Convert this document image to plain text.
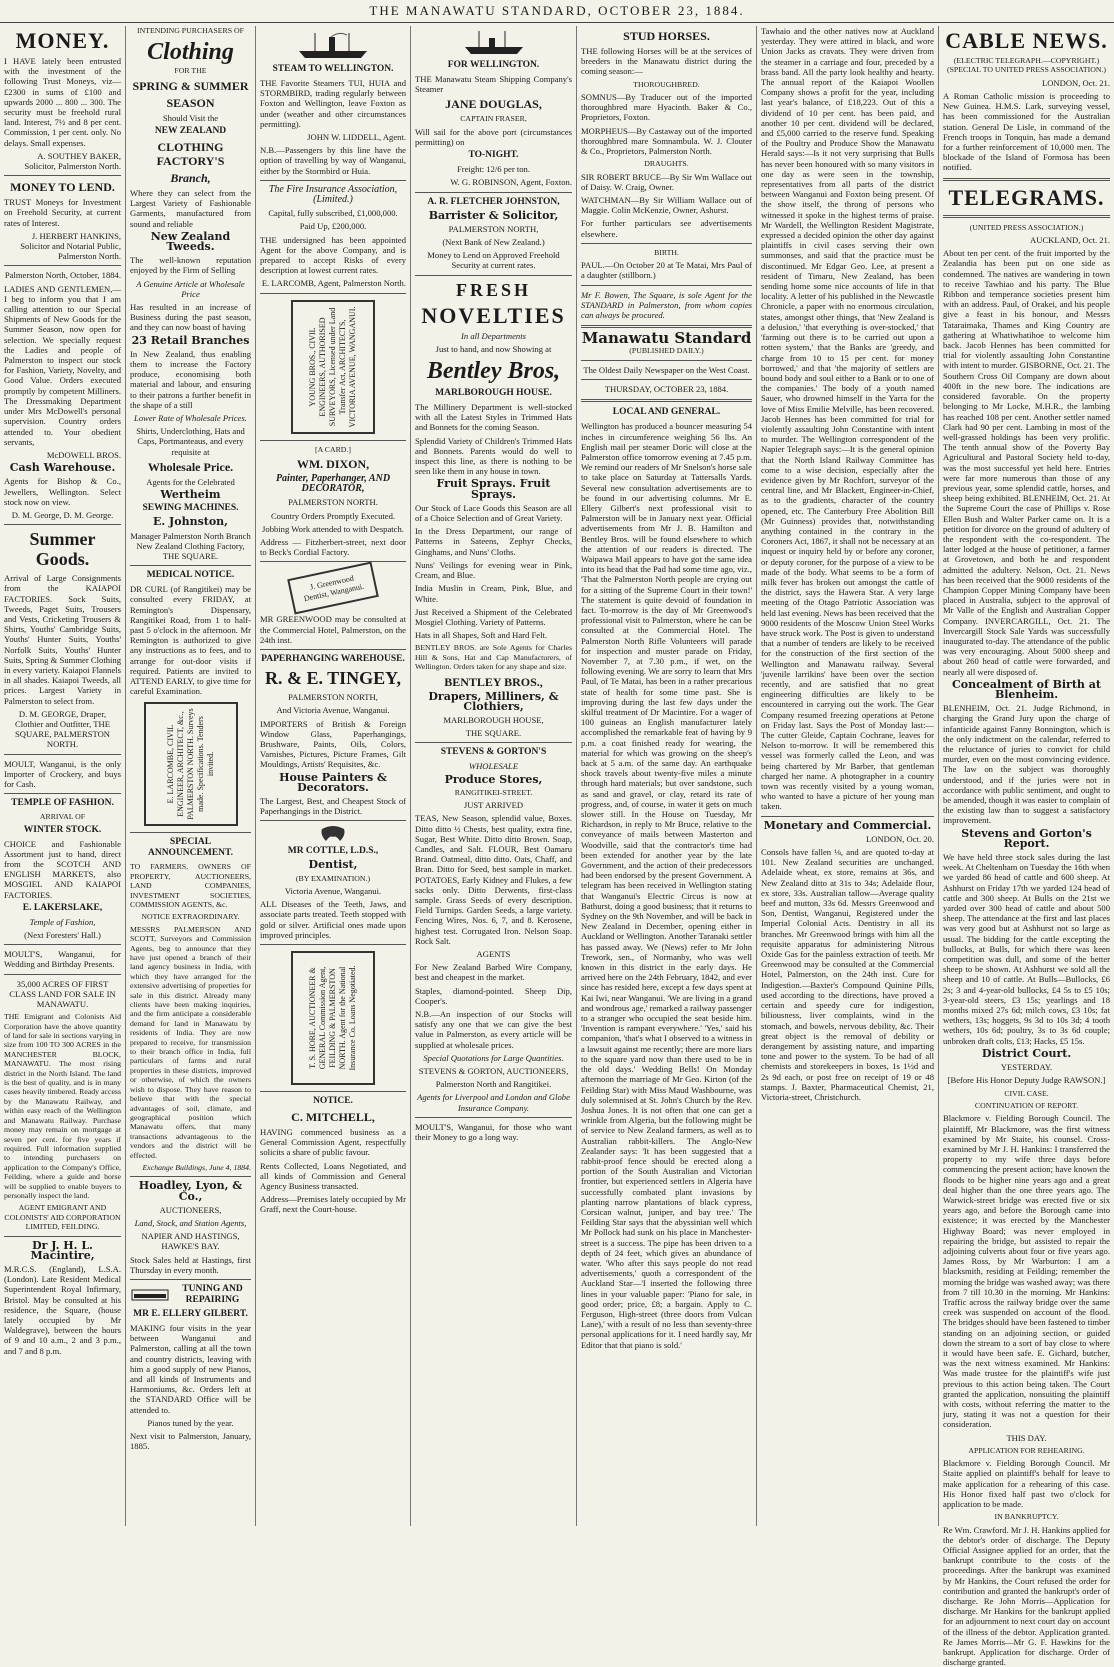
THE MANAWATU STANDARD, OCTOBER 23, 1884.
MONEY.

I HAVE lately been entrusted with the investment of the following Trust Moneys, viz— £2300 in sums of £100 and upwards 2000 ... 800 ... 300. The security must be freehold rural land. Interest, 7½ and 8 per cent. Commission, 1 per cent. only. No delays. Small expenses.

A. SOUTHEY BAKER, Solicitor, Palmerston North.

MONEY TO LEND.

TRUST Moneys for Investment on Freehold Security, at current rates of Interest.

J. HERBERT HANKINS, Solicitor and Notarial Public, Palmerston North.

Palmerston North, October, 1884.

LADIES AND GENTLEMEN,—I beg to inform you that I am calling attention to our Special Shipments of New Goods for the Summer Season, now open for selection. We specially request the Ladies and people of Palmerston to inspect our stock for Fashion, Variety, Novelty, and Good Value. Orders executed promptly by competent Milliners. The Dressmaking Department under Mrs McDowell's personal supervision. Country orders attended to. Your obedient servants,

McDOWELL BROS.

Cash Warehouse.

Agents for Bishop & Co., Jewellers, Wellington. Select stock now on view.

D. M. George, D. M. George.

Summer Goods.

Arrival of Large Consignments from the KAIAPOI FACTORIES. Sock Suits, Tweeds, Paget Suits, Trousers and Vests, Cricketing Trousers & Shirts, Youths' Cambridge Suits, Youths' Hunter Suits, Youths' Norfolk Suits, Youths' Hunter Suits, Spring & Summer Clothing in every variety. Kaiapoi Flannels in all shades. Kaiapoi Tweeds, all prices. Largest Variety in Palmerston to select from.

D. M. GEORGE, Draper, Clothier and Outfitter, THE SQUARE, PALMERSTON NORTH.

MOULT, Wanganui, is the only Importer of Crockery, and buys for Cash.

TEMPLE OF FASHION.

ARRIVAL OF

WINTER STOCK.

CHOICE and Fashionable Assortment just to hand, direct from the SCOTCH AND ENGLISH MARKETS, also MOSGIEL AND KAIAPOI FACTORIES.

E. LAKERSLAKE,

Temple of Fashion,

(Next Foresters' Hall.)

MOULT'S, Wanganui, for Wedding and Birthday Presents.

35,000 ACRES OF FIRST CLASS LAND FOR SALE IN MANAWATU.

THE Emigrant and Colonists Aid Corporation have the above quantity of land for sale in sections varying in size from 100 TO 300 ACRES in the MANCHESTER BLOCK, MANAWATU. The most rising district in the North Island. The land is the best of quality, and is in many cases heavily timbered. Ready access by the Manawatu Railway, and within easy reach of the Wellington and Manawatu Railway. Purchase money may remain on mortgage at seven per cent. for five years if required. Full information supplied to intending purchasers on application to the Company's Office, Feilding, where a guide and horse will be supplied to enable buyers to personally inspect the land.

AGENT EMIGRANT AND COLONISTS' AID CORPORATION LIMITED, FEILDING.

Dr J. H. L. Macintire,

M.R.C.S. (England), L.S.A. (London). Late Resident Medical Superintendent Royal Infirmary, Bristol. May be consulted at his residence, the Square, (house lately occupied by Mr Waldegrave), between the hours of 9 and 10 a.m., 2 and 3 p.m., and 7 and 8 p.m.

INTENDING PURCHASERS OF

Clothing

FOR THE

SPRING & SUMMER
SEASON

Should Visit the

NEW ZEALAND
CLOTHING FACTORY'S
Branch,

Where they can select from the Largest Variety of Fashionable Garments, manufactured from sound and reliable

New Zealand Tweeds.

The well-known reputation enjoyed by the Firm of Selling

A Genuine Article at Wholesale Price

Has resulted in an increase of Business during the past season, and they can now boast of having

23 Retail Branches

In New Zealand, thus enabling them to increase the Factory produce, economising both material and labour, and ensuring to their patrons a further benefit in the shape of a still

Lower Rate of Wholesale Prices.

Shirts, Underclothing, Hats and Caps, Portmanteaus, and every requisite at

Wholesale Price.

Agents for the Celebrated

Wertheim
SEWING MACHINES.
E. Johnston,

Manager Palmerston North Branch New Zealand Clothing Factory, THE SQUARE.

MEDICAL NOTICE.

DR CURL (of Rangitikei) may be consulted every FRIDAY, at Remington's Dispensary, Rangitikei Road, from 1 to half-past 5 o'clock in the afternoon. Mr Remington is authorized to give any instructions as to fees, and to arrange for out-door visits if required. Patients are invited to ATTEND EARLY, to give time for careful Examination.

E. LARCOMBE, CIVIL ENGINEER, ARCHITECT, &c., PALMERSTON NORTH. Surveys made. Specifications. Tenders invited.
SPECIAL ANNOUNCEMENT.

TO FARMERS, OWNERS OF PROPERTY, AUCTIONEERS, LAND COMPANIES, INVESTMENT SOCIETIES, COMMISSION AGENTS, &c.

NOTICE EXTRAORDINARY.

MESSRS PALMERSON AND SCOTT, Surveyors and Commission Agents, beg to announce that they have just opened a branch of their land agency business in India, with which they have arranged for the extensive advertising of properties for sale in this district. Already many clients have been making inquiries, and the firm anticipate a considerable demand for land in Manawatu by residents of India. They are now prepared to receive, for transmission to their branch office in India, full particulars of farms and rural properties in these districts, improved or otherwise, of which the owners wish to dispose. They have reason to believe that with the special advantages of soil, climate, and geographical position which Manawatu offers, that many transactions advantageous to the vendors and the district will be effected.

Exchange Buildings, June 4, 1884.

Hoadley, Lyon, & Co.,

AUCTIONEERS,

Land, Stock, and Station Agents,

NAPIER AND HASTINGS, HAWKE'S BAY.

Stock Sales held at Hastings, first Thursday in every month.

TUNING AND REPAIRING
MR E. ELLERY GILBERT.

MAKING four visits in the year between Wanganui and Palmerston, calling at all the town and country districts, leaving with him a good supply of new Pianos, and all kinds of Instruments and Harmoniums, &c. Orders left at the STANDARD Office will be attended to.

Pianos tuned by the year.

Next visit to Palmerston, January, 1885.

STEAM TO WELLINGTON.

THE Favorite Steamers TUI, HUIA and STORMBIRD, trading regularly between Foxton and Wellington, leave Foxton as under (weather and other circumstances permitting).

JOHN W. LIDDELL, Agent.

N.B.—Passengers by this line have the option of travelling by way of Wanganui, either by the Stormbird or Huia.

The Fire Insurance Association, (Limited.)

Capital, fully subscribed, £1,000,000.

Paid Up, £200,000.

THE undersigned has been appointed Agent for the above Company, and is prepared to accept Risks of every description at lowest current rates.

E. LARCOMB, Agent, Palmerston North.

YOUNG BROS., CIVIL ENGINEERS, AUTHORISED SURVEYORS, Licensed under Land Transfer Act, ARCHITECTS, VICTORIA AVENUE, WANGANUI.

[A CARD.]

WM. DIXON,

Painter, Paperhanger, AND DECORATOR,

PALMERSTON NORTH.

Country Orders Promptly Executed.

Jobbing Work attended to with Despatch.

Address — Fitzherbert-street, next door to Beck's Cordial Factory.

J. Greenwood Dentist, Wanganui.

MR GREENWOOD may be consulted at the Commercial Hotel, Palmerston, on the 24th inst.

PAPERHANGING WAREHOUSE.
R. & E. TINGEY,

PALMERSTON NORTH,

And Victoria Avenue, Wanganui.

IMPORTERS of British & Foreign Window Glass, Paperhangings, Brushware, Paints, Oils, Colors, Varnishes, Pictures, Picture Frames, Gilt Mouldings, Artists' Requisites, &c.

House Painters & Decorators.

The Largest, Best, and Cheapest Stock of Paperhangings in the District.

MR COTTLE, L.D.S.,
Dentist,

(BY EXAMINATION.)

Victoria Avenue, Wanganui.

ALL Diseases of the Teeth, Jaws, and associate parts treated. Teeth stopped with gold or silver. Artificial ones made upon improved principles.

T. S. HORE, AUCTIONEER & GENERAL Commission Agent, FEILDING & PALMERSTON NORTH. Agent for the National Insurance Co. Loans Negotiated.
NOTICE.
C. MITCHELL,

HAVING commenced business as a General Commission Agent, respectfully solicits a share of public favour.

Rents Collected, Loans Negotiated, and all kinds of Commission and General Agency Business transacted.

Address—Premises lately occupied by Mr Graff, next the Court-house.

FOR WELLINGTON.

THE Manawatu Steam Shipping Company's Steamer

JANE DOUGLAS,

CAPTAIN FRASER,

Will sail for the above port (circumstances permitting) on

TO-NIGHT.

Freight: 12/6 per ton.

W. G. ROBINSON, Agent, Foxton.

A. R. FLETCHER JOHNSTON,
Barrister & Solicitor,

PALMERSTON NORTH,

(Next Bank of New Zealand.)

Money to Lend on Approved Freehold Security at current rates.

FRESH
NOVELTIES

In all Departments

Just to hand, and now Showing at

Bentley Bros,
MARLBOROUGH HOUSE.

The Millinery Department is well-stocked with all the Latest Styles in Trimmed Hats and Bonnets for the coming Season.

Splendid Variety of Children's Trimmed Hats and Bonnets. Parents would do well to inspect this line, as there is nothing to be seen like them in any house in town.

Fruit Sprays. Fruit Sprays.

Our Stock of Lace Goods this Season are all of a Choice Selection and of Great Variety.

In the Dress Department, our range of Patterns in Sateens, Zephyr Checks, Ginghams, and Nuns' Cloths.

Nuns' Veilings for evening wear in Pink, Cream, and Blue.

India Muslin in Cream, Pink, Blue, and White.

Just Received a Shipment of the Celebrated Mosgiel Clothing. Variety of Patterns.

Hats in all Shapes, Soft and Hard Felt.

BENTLEY BROS. are Sole Agents for Charles Hill & Sons, Hat and Cap Manufacturers, of Wellington. Orders taken for any shape and size.

BENTLEY BROS.,
Drapers, Milliners, & Clothiers,

MARLBOROUGH HOUSE,

THE SQUARE.

STEVENS & GORTON'S

WHOLESALE

Produce Stores,

RANGITIKEI-STREET.

JUST ARRIVED

TEAS, New Season, splendid value, Boxes. Ditto ditto ½ Chests, best quality, extra fine, Sugar, Best White. Ditto ditto Brown. Soap, Candles, and Salt. FLOUR, Best Oamaru Brand. Oatmeal, ditto ditto. Oats, Chaff, and Bran. Ditto for Seed, best sample in market. POTATOES, Early Kidney and Flukes, a few sacks only. Ditto Derwents, first-class sample. Grass Seeds of every description. Field Turnips. Garden Seeds, a large variety. Fencing Wires, Nos. 6, 7, and 8. Kerosene, highest test. Corrugated Iron. Nelson Soap. Rock Salt.

AGENTS

For New Zealand Barbed Wire Company, best and cheapest in the market.

Staples, diamond-pointed. Sheep Dip, Cooper's.

N.B.—An inspection of our Stocks will satisfy any one that we can give the best value in Palmerston, as every article will be supplied at wholesale prices.

Special Quotations for Large Quantities.

STEVENS & GORTON, AUCTIONEERS,

Palmerston North and Rangitikei.

Agents for Liverpool and London and Globe Insurance Company.

MOULT'S, Wanganui, for those who want their Money to go a long way.

STUD HORSES.

THE following Horses will be at the services of breeders in the Manawatu district during the coming season:—

THOROUGHBRED.

SOMNUS—By Traducer out of the imported thoroughbred mare Hyacinth. Baker & Co., Proprietors, Foxton.

MORPHEUS—By Castaway out of the imported thoroughbred mare Somnambula. W. J. Clouter & Co., Proprietors, Palmerston North.

DRAUGHTS.

SIR ROBERT BRUCE—By Sir Wm Wallace out of Daisy. W. Craig, Owner.

WATCHMAN—By Sir William Wallace out of Maggie. Colin McKenzie, Owner, Ashurst.

For further particulars see advertisements elsewhere.

BIRTH.

PAUL.—On October 20 at Te Matai, Mrs Paul of a daughter (stillborn.)

Mr F. Bowen, The Square, is sole Agent for the STANDARD in Palmerston, from whom copies can always be procured.

Manawatu Standard

(PUBLISHED DAILY.)

The Oldest Daily Newspaper on the West Coast.

THURSDAY, OCTOBER 23, 1884.

LOCAL AND GENERAL.

Wellington has produced a bouncer measuring 54 inches in circumference weighing 56 lbs. An English mail per steamer Doric will close at the Palmerston office tomorrow evening at 7.45 p.m. We remind our readers of Mr Snelson's horse sale to take place on Saturday at Tattersalls Yards. Several new consultation advertisements are to be found in our advertising columns. Mr E. Ellery Gilbert's next professional visit to Palmerston will be in January next year. Official advertisements from Mr J. B. Hamilton and Bentley Bros. will be found elsewhere to which the attention of our readers is directed. The Waipawa Mail appears to have got the same idea into its head that the Pad had some time ago, viz., 'That the Palmerston North people are crying out for a sitting of the Supreme Court in their town!' The statement is quite devoid of foundation in fact. To-morrow is the day of Mr Greenwood's professional visit to Palmerston, where he can be consulted at the Commercial Hotel. The Palmerston North Rifle Volunteers will parade for inspection and muster parade on Friday, November 7, at 7.30 p.m., if wet, on the following evening. We are sorry to learn that Mrs Paul, of Te Matai, has been in a rather precarious state of health for some time past. She is improving during the last few days under the skilful treatment of Dr Macintire. For a wager of 100 guineas an English manufacturer lately accomplished the remarkable feat of having by 9 p.m. a coat finished ready for wearing, the material for which was growing on the sheep's back at 5 a.m. of the same day. An earthquake shock travels about twenty-five miles a minute through hard materials; but over sandstone, such as sand and gravel, or clay, retard its rate of progress, and, of course, in water it gets on much slower still. In the House on Tuesday, Mr Richardson, in reply to Mr Bruce, relative to the conveyance of mails between Masterton and Woodville, said that the contractor's time had been extended for another year by the late Government, and the action of their predecessors had been endorsed by the present Government. A telegram has been received in Wellington stating that Wanganui's Electric Circus is now at Bathurst, doing a good business; that it returns to Sydney on the 9th November, and will be back in New Zealand in December, opening either in Auckland or Wellington. Another Taranaki settler has passed away. We (News) refer to Mr John Trework, sen., of Normanby, who was well known in this district in the early days. He arrived here on the 24th February, 1842, and ever since has resided here, except a few days spent at Kai Iwi, near Wanganui. 'We are living in a grand and wondrous age,' remarked a railway passenger to a stranger who occupied the seat beside him. 'Invention is rampant everywhere.' 'Yes,' said his companion, 'that's what I observed to a witness in a lawsuit against me recently; there are more liars to the square yard now than there used to be in the old days.' Wedding Bells! On Monday afternoon the marriage of Mr Geo. Kirton (of the Feilding Star) with Miss Maud Washbourne, was duly solemnised at St. John's Church by the Rev. Joshua Jones. It is not often that one can get a wrinkle from Algeria, but the following might be of service to New Zealand farmers, as well as to Australian rabbit-killers. The Anglo-New Zealander says: 'It has been suggested that a rabbit-proof fence should be erected along a portion of the South Australian and Victorian frontier, but experienced settlers in Algeria have successfully combated plant invasions by planting narrow plantations of black cypress, Corsican walnut, juniper, and bay tree.' The Feilding Star says that the abyssinian well which Mr Pollock had sunk on his place in Manchester-street is a success. The pipe has been driven to a depth of 24 feet, which gives an abundance of water. 'Who after this says people do not read advertisements,' quoth a correspondent of the Auckland Star—'I inserted the following three lines in your valuable paper: 'Piano for sale, in good order; price, £8; a bargain. Apply to C. Ferguson, High-street (three doors from Vulcan Lane),' with a result of no less than seventy-three personal applications for it. I need hardly say, Mr Editor that that piano is sold.'

Tawhaio and the other natives now at Auckland yesterday. They were attired in black, and wore Union Jacks as cravats. They were driven from the steamer in a carriage and four, preceded by a brass band. All the party look healthy and hearty. The annual report of the Kaiapoi Woollen Company shows a profit for the year, including last year's balance, of £18,223. Out of this a dividend of 10 per cent. has been paid, and another 10 per cent. dividend will be declared, and £5,000 carried to the reserve fund. Speaking of the Poultry and Produce Show the Manawatu Herald says:—Is it not very surprising that Bulls has never been honoured with so many visitors in one day as were seen in the township, representatives from all parts of the district between Wanganui and Foxton being present. Of the show itself, the throng of persons who witnessed it spoke in the highest terms of praise. Mr Wardell, the Wellington Resident Magistrate, expressed a decided opinion the other day against plaintiffs in civil cases serving their own summonses, and said that the practice must be discontinued. Mr Edgar Geo. Lee, at present a resident of Timaru, New Zealand, has been sending home some nice accounts of life in that locality. A letter of his published in the Newcastle Chronicle, a paper with no enormous circulation, states, amongst other things, that 'New Zealand is a delusion,' 'that everything is over-stocked,' that 'farming out there is to be carried out upon a rotten system,' that the Banks are 'greedy, and charge from 10 to 15 per cent. for money borrowed,' and that 'the majority of settlers are bound body and soul either to a Bank or to one of the companies.' The body of a youth named Sauer, who drowned himself in the Yarra for the love of Miss Emilie Melville, has been recovered. Jacob Hennes has been committed for trial for violently assaulting John Constantine with intent to murder. The Wellington correspondent of the Napier Telegraph says:—It is the general opinion that the North Island Railway Committee has come to a wise decision, especially after the evidence given by Mr Rochfort, surveyor of the central line, and Mr Blackett, Engineer-in-Chief, as to the gradients, character of the country opened, etc. The Canterbury Free Abolition Bill (Mr Guinness) provides that, notwithstanding anything contained in the contrary in the Coroners Act, 1867, it shall not be necessary at an inquest or inquiry held by or before any coroner, or deputy coroner, for the purpose of a view to be made of the body. What seems to be a form of milk fever has broken out amongst the cattle of the district, says the Hawera Star. A very large meeting of the Otago Patriotic Association was held last evening. News has been received that the 9000 residents of the Moscow Union Steel Works have struck work. The Post is given to understand that a number of tenders are likely to be received for the construction of the first section of the Wellington and Manawatu railway. Several 'juvenile larrikins' have been over the section recently, and are satisfied that no great engineering difficulties are likely to be encountered in carrying out the work. The Gear Company resumed freezing operations at Petone on Friday last. Says the Post of Monday last:—The cutter Gleide, Captain Cochrane, leaves for Nelson to-morrow. It will be remembered this vessel was formerly called the Leon, and was being chartered by Mr Barber, that gentleman charged her name. A photographer in a country town was recently visited by a young woman, who wanted to have a picture of her young man taken.

Monetary and Commercial.

LONDON, Oct. 20.

Consols have fallen ⅛, and are quoted to-day at 101. New Zealand securities are unchanged. Adelaide wheat, ex store, remains at 36s, and New Zealand ditto at 31s to 34s; Adelaide flour, ex store, 33s. Australian tallow—Average quality beef and mutton, 33s 6d. Messrs Greenwood and Son, Dentist, Wanganui, Registered under the Imperial Colonial Acts. Dentistry in all its branches. Mr Greenwood brings with him all the requisite apparatus for administering Nitrous Oxide Gas for the painless extraction of teeth. Mr Greenwood may be consulted at the Commercial Hotel, Palmerston, on the 24th inst. Cure for Indigestion.—Baxter's Compound Quinine Pills, used according to the directions, have proved a certain and speedy cure for indigestion, biliousness, liver complaints, wind in the stomach, and bowels, nervous debility, &c. Their great object is the removal of debility or derangement by assisting nature, and imparting tone and power to the system. To be had of all chemists and storekeepers in boxes, 1s 1½d and 2s 9d each, or post free on receipt of 19 or 48 stamps. J. Baxter, Pharmaceutical Chemist, 21, Victoria-street, Christchurch.

CABLE NEWS.

(ELECTRIC TELEGRAPH.—COPYRIGHT.) (SPECIAL TO UNITED PRESS ASSOCIATION.)

LONDON, Oct. 21.

A Roman Catholic mission is proceeding to New Guinea. H.M.S. Lark, surveying vessel, has been commissioned for the Australian station. General De Lisle, in command of the French troops in Tonquin, has made a demand for a further reinforcement of 10,000 men. The blockade of the Island of Formosa has been notified.

TELEGRAMS.

(UNITED PRESS ASSOCIATION.)

AUCKLAND, Oct. 21.

About ten per cent. of the fruit imported by the Zealandia has been put on one side as condemned. The natives are wandering in town to receive Tawhiao and his party. The Blue Ribbon and temperance societies present him with an address. Paul, of Orakei, and his people give a feast in his honour, and Messrs Tataraimaka, Thames and King Country are gathering at Whatiwhatihoe to welcome him back. Jacob Hennes has been committed for trial for violently assaulting John Constantine with intent to murder. GISBORNE, Oct. 21. The Southern Cross Oil Company are down about 400ft in the new bore. The indications are considered favorable. On the property belonging to Mr Locke, M.H.R., the lambing has reached 108 per cent. Another settler named Clark had 90 per cent. Lambing in most of the well-grassed holdings has been very prolific. The tenth annual show of the Poverty Bay Agricultural and Pastoral Society held to-day, was the most successful yet held here. Entries were far more numerous than those of any previous year, some splendid cattle, horses, and sheep being exhibited. BLENHEIM, Oct. 21. At the Supreme Court the case of Phillips v. Rose Ellen Bush and Walter Parker came on. It is a petition for divorce on the ground of adultery of the respondent with the co-respondent. The latter lodged at the house of petitioner, a farmer at Grovetown, and both he and respondent admitted the adultery. Nelson, Oct. 21. News has been received that the 9000 residents of the Champion Copper Mining Company have been placed in Australia, subject to the approval of Mr Valle of the English and Australian Copper Company. INVERCARGILL, Oct. 21. The Invercargill Stock Sale Yards was successfully inaugurated to-day. The attendance of the public was very encouraging. About 5000 sheep and about 260 head of cattle were forwarded, and nearly all were disposed of.

Concealment of Birth at Blenheim.

BLENHEIM, Oct. 21. Judge Richmond, in charging the Grand Jury upon the charge of infanticide against Fanny Bonnington, which is the only indictment on the calendar, referred to the reluctance of juries to convict for child murder, even on the most convincing evidence. The law on the subject was thoroughly understood, and if the juries were not in accordance with public sentiment, and ought to be amended, though it was easier to complain of the existing law than to suggest a satisfactory improvement.

Stevens and Gorton's Report.

We have held three stock sales during the last week. At Cheltenham on Tuesday the 16th when we yarded 86 head of cattle and 600 sheep. At Ashhurst on Friday 17th we yarded 124 head of cattle and 300 sheep. At Bulls on the 21st we yarded over 300 head of cattle and about 500 sheep. The attendance at the first and last places was very good but at Ashhurst not so large as usual. The bidding for the cattle excepting the bullocks, at Bulls, for which there was keen competition was dull, and some of the better sheep to be shown. At Ashhurst we sold all the sheep and 10 of cattle. At Bulls—Bullocks, £6 2s; 3 and 4-year-old bullocks, £4 5s to £5 10s; 3-year-old steers, £3 15s; yearlings and 18 months mixed 27s 6d; milch cows, £3 10s; fat wethers, 13s; hoggets, 9s 3d to 10s 3d; 4 tooth wethers, 10s 6d; poultry, 3s to 3s 6d couple; unbroken draft colts, £13; Hacks, £5 15s.

District Court.

YESTERDAY.

[Before His Honor Deputy Judge RAWSON.]

CIVIL CASE.

CONTINUATION OF REPORT.

Blackmore v. Fielding Borough Council. The plaintiff, Mr Blackmore, was the first witness examined by Mr Staite, his counsel. Cross-examined by Mr J. H. Hankins: I transferred the property to my wife three days before commencing the present action; have known the floods to be higher nine years ago and a great deal higher than the one three years ago. The Warwick-street bridge was erected five or six years ago, and before the Borough came into existence; it was erected by the Manchester Highway Board; was never employed in repairing the bridge, but assisted to repair the adjoining culverts about four or five years ago. James Ross, by Mr Warburton: I am a blacksmith, residing at Feilding; remember the morning the bridge was washed away; was there from 7 till 10.30 in the morning. Mr Hankins: Traffic across the railway bridge over the same creek was suspended on account of the flood. The bridges should have been fastened to timber standing on an adjoining section, or guided down the stream to a sort of bay close to where it would have been safe. E. Gichard, butcher, was the next witness examined. Mr Hankins: Was made trustee for the plaintiff's wife just previous to this action being taken. The Court granted the application, nonsuiting the plaintiff with costs, without referring the matter to the jury, stating it was not a question for their consideration.

THIS DAY.

APPLICATION FOR REHEARING.

Blackmore v. Fielding Borough Council. Mr Staite applied on plaintiff's behalf for leave to make application for a rehearing of this case. His Honor fixed half past two o'clock for application to be made.

IN BANKRUPTCY.

Re Wm. Crawford. Mr J. H. Hankins applied for the debtor's order of discharge. The Deputy Official Assignee applied for an order, that the bankrupt contribute to the costs of the proceedings. After the bankrupt was examined by Mr Hankins, the Court refused the order for contribution and granted the bankrupt's order of discharge. Re John Morris—Application for discharge. Mr Hankins for the bankrupt applied for an adjournment to next court day on account of the illness of the debtor. Application granted. Re James Morris—Mr G. F. Hawkins for the bankrupt. Application for discharge. Order of discharge granted.
